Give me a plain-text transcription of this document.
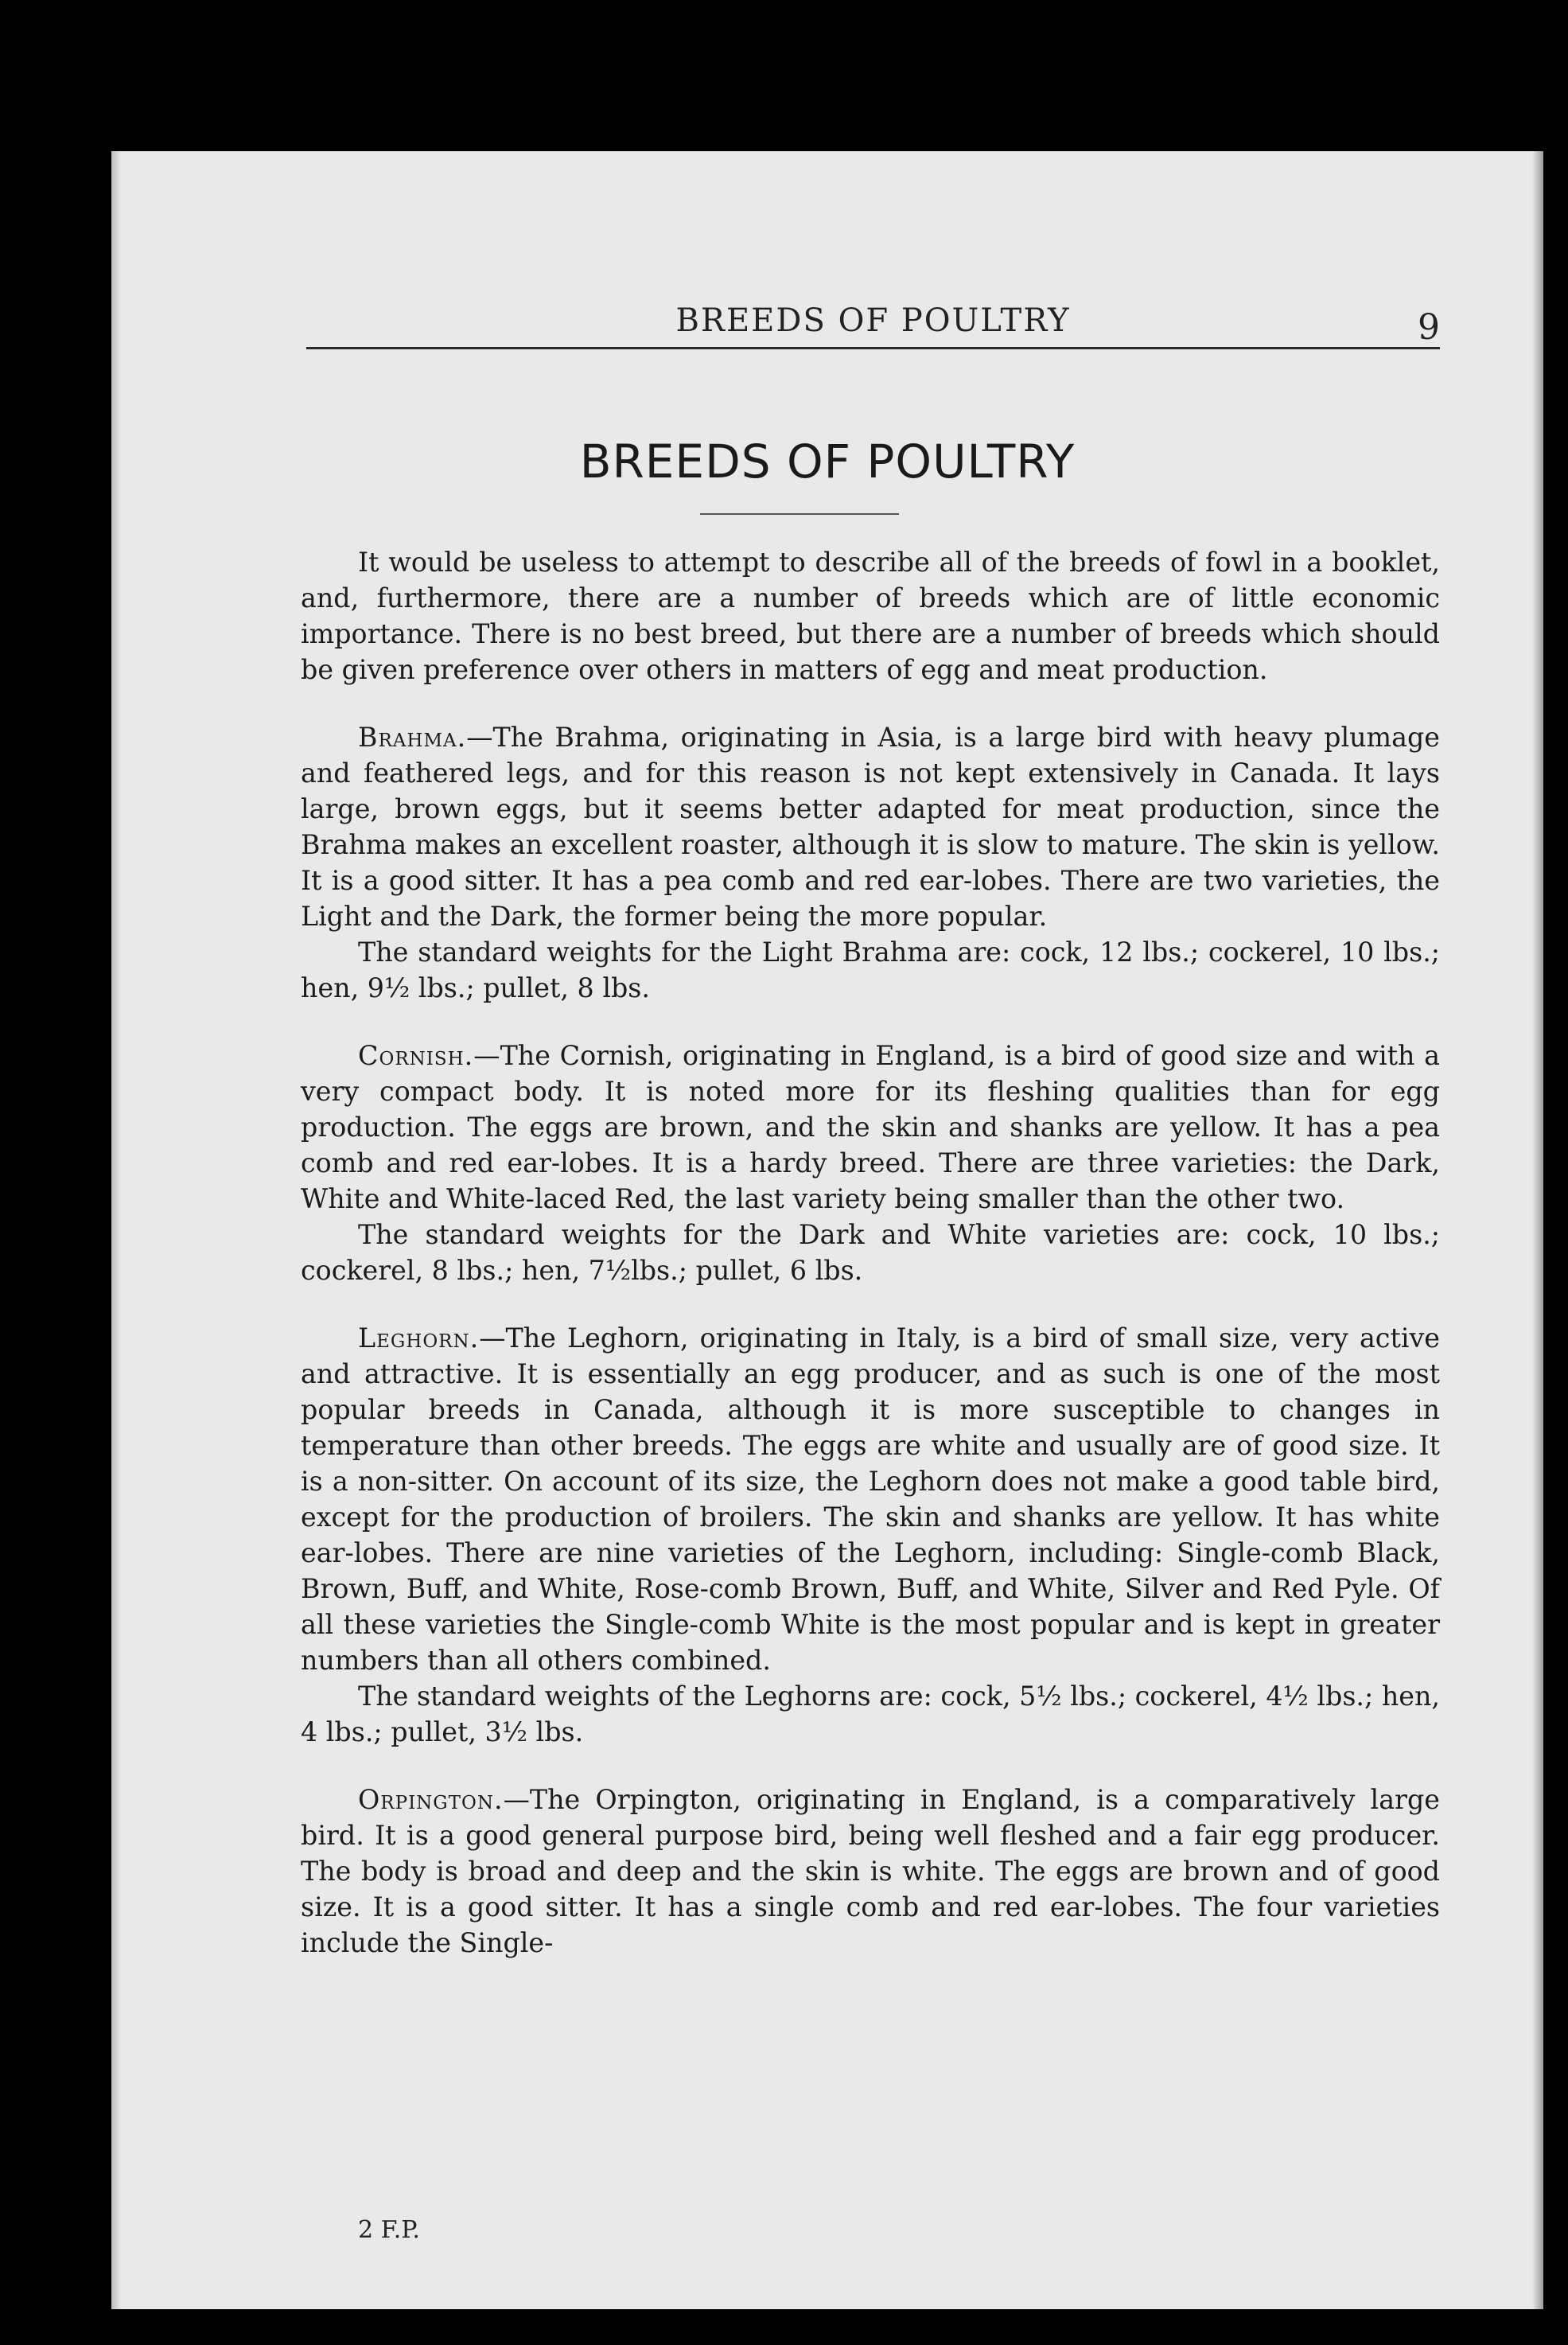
BREEDS OF POULTRY	9
BREEDS OF POULTRY

It would be useless to attempt to describe all of the breeds of fowl in a booklet, and, furthermore, there are a number of breeds which are of little economic importance. There is no best breed, but there are a number of breeds which should be given preference over others in matters of egg and meat production.

Brahma.—The Brahma, originating in Asia, is a large bird with heavy plumage and feathered legs, and for this reason is not kept extensively in Canada. It lays large, brown eggs, but it seems better adapted for meat production, since the Brahma makes an excellent roaster, although it is slow to mature. The skin is yellow. It is a good sitter. It has a pea comb and red ear-lobes. There are two varieties, the Light and the Dark, the former being the more popular.

The standard weights for the Light Brahma are: cock, 12 lbs.; cockerel, 10 lbs.; hen, 9½ lbs.; pullet, 8 lbs.

Cornish.—The Cornish, originating in England, is a bird of good size and with a very compact body. It is noted more for its fleshing qualities than for egg production. The eggs are brown, and the skin and shanks are yellow. It has a pea comb and red ear-lobes. It is a hardy breed. There are three varieties: the Dark, White and White-laced Red, the last variety being smaller than the other two.

The standard weights for the Dark and White varieties are: cock, 10 lbs.; cockerel, 8 lbs.; hen, 7½lbs.; pullet, 6 lbs.

Leghorn.—The Leghorn, originating in Italy, is a bird of small size, very active and attractive. It is essentially an egg producer, and as such is one of the most popular breeds in Canada, although it is more susceptible to changes in temperature than other breeds. The eggs are white and usually are of good size. It is a non-sitter. On account of its size, the Leghorn does not make a good table bird, except for the production of broilers. The skin and shanks are yellow. It has white ear-lobes. There are nine varieties of the Leghorn, including: Single-comb Black, Brown, Buff, and White, Rose-comb Brown, Buff, and White, Silver and Red Pyle. Of all these varieties the Single-comb White is the most popular and is kept in greater numbers than all others combined.

The standard weights of the Leghorns are: cock, 5½ lbs.; cockerel, 4½ lbs.; hen, 4 lbs.; pullet, 3½ lbs.

Orpington.—The Orpington, originating in England, is a comparatively large bird. It is a good general purpose bird, being well fleshed and a fair egg producer. The body is broad and deep and the skin is white. The eggs are brown and of good size. It is a good sitter. It has a single comb and red ear-lobes. The four varieties include the Single-

2 F.P.
